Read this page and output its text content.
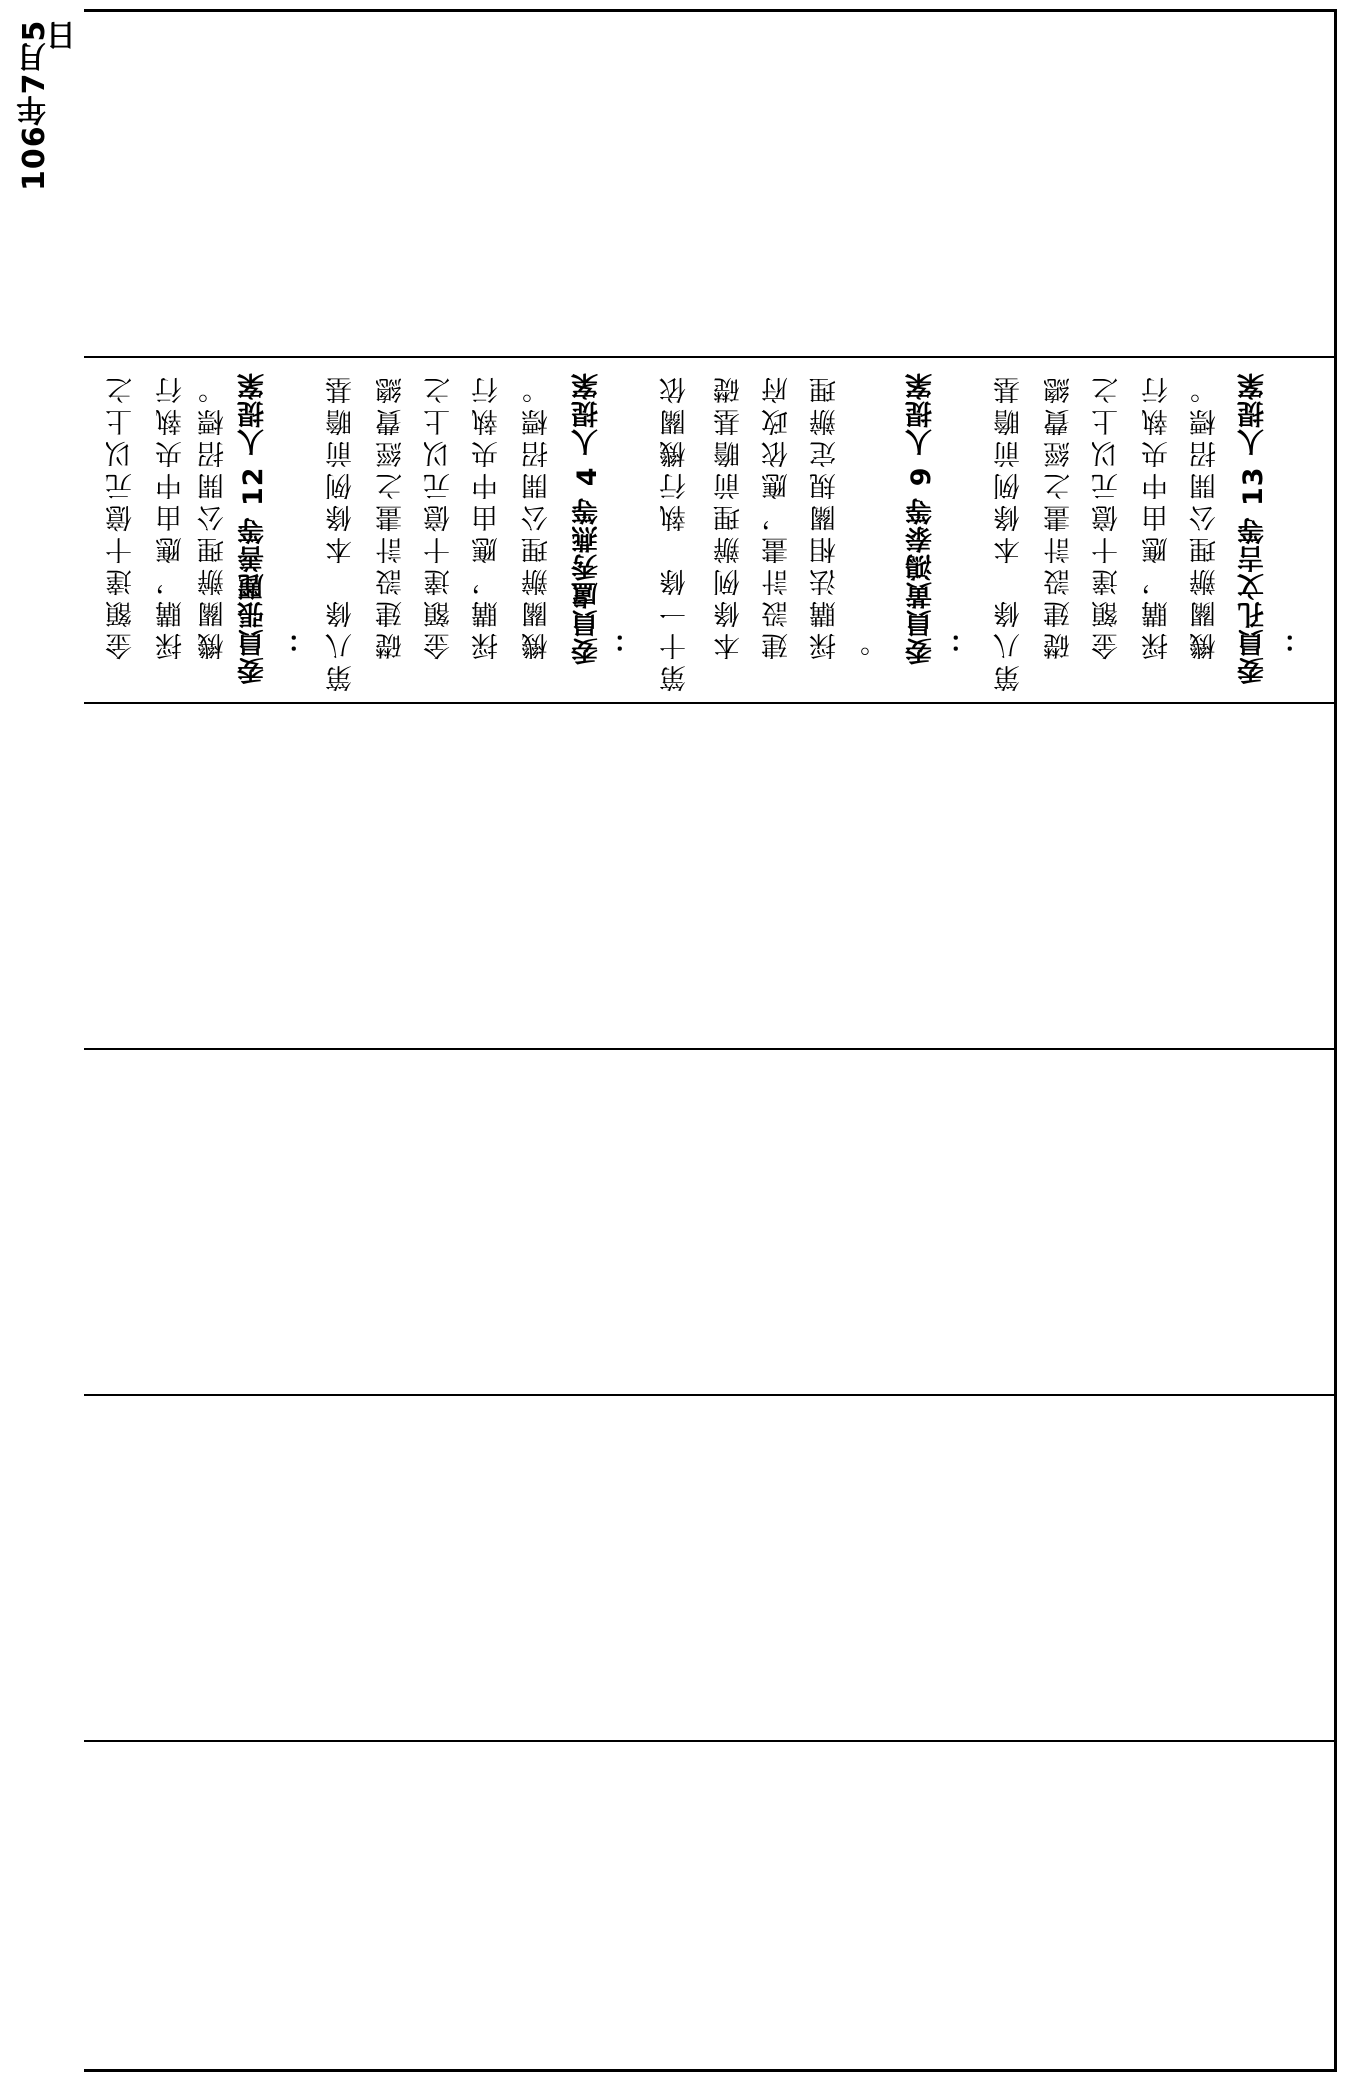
106年7月5日
金額達十億元以上之 採購，應由中央執行 機關辦理公開招標。 委員張麗善等 12 人提案 ： 第八條　本條例前瞻基 礎建設計畫之經費總 金額達十億元以上之 採購，應由中央執行 機關辦理公開招標。 委員盧秀燕等 4 人提案 ： 第十一條　執行機關依 本條例辦理前瞻基礎 建設計畫，應依政府 採購法相關規定辦理 。 委員黃鴻泰等 9 人提案 ： 第八條　本條例前瞻基 礎建設計畫之經費總 金額達十億元以上之 採購，應由中央執行 機關辦理公開招標。 委員孔文吉等 13 人提案 ：
